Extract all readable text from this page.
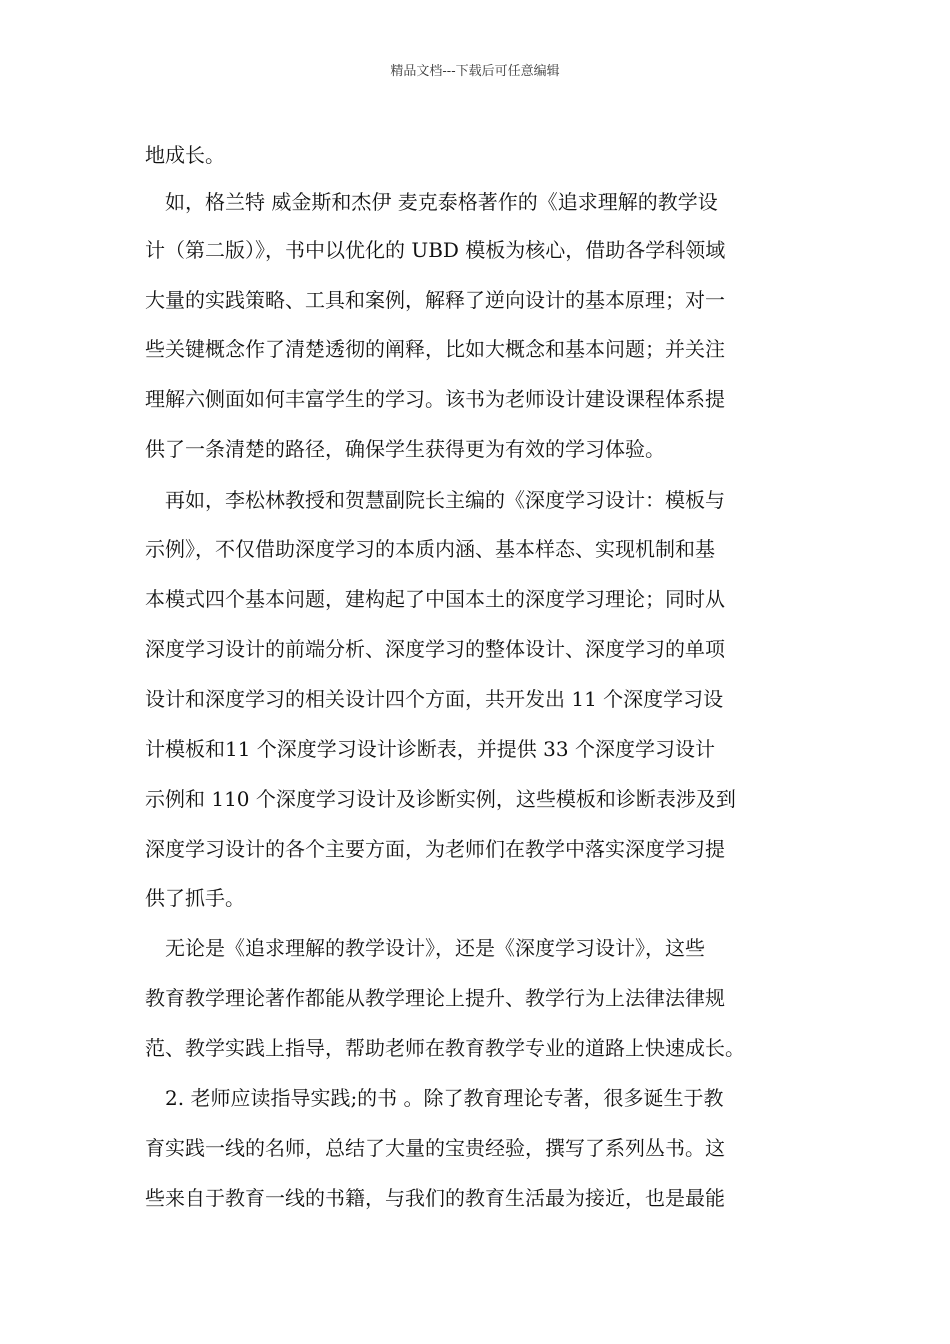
精品文档---下载后可任意编辑
地成长。
　如，格兰特 威金斯和杰伊 麦克泰格著作的《追求理解的教学设
计（第二版）》，书中以优化的 UBD 模板为核心，借助各学科领域
大量的实践策略、工具和案例，解释了逆向设计的基本原理；对一
些关键概念作了清楚透彻的阐释，比如大概念和基本问题；并关注
理解六侧面如何丰富学生的学习。该书为老师设计建设课程体系提
供了一条清楚的路径，确保学生获得更为有效的学习体验。
　再如，李松林教授和贺慧副院长主编的《深度学习设计：模板与
示例》，不仅借助深度学习的本质内涵、基本样态、实现机制和基
本模式四个基本问题，建构起了中国本土的深度学习理论；同时从
深度学习设计的前端分析、深度学习的整体设计、深度学习的单项
设计和深度学习的相关设计四个方面，共开发出 11 个深度学习设
计模板和11 个深度学习设计诊断表，并提供 33 个深度学习设计
示例和 110 个深度学习设计及诊断实例，这些模板和诊断表涉及到
深度学习设计的各个主要方面，为老师们在教学中落实深度学习提
供了抓手。
　无论是《追求理解的教学设计》，还是《深度学习设计》，这些
教育教学理论著作都能从教学理论上提升、教学行为上法律法律规
范、教学实践上指导，帮助老师在教育教学专业的道路上快速成长。
　2. 老师应读指导实践;的书 。除了教育理论专著，很多诞生于教
育实践一线的名师，总结了大量的宝贵经验，撰写了系列丛书。这
些来自于教育一线的书籍，与我们的教育生活最为接近，也是最能
